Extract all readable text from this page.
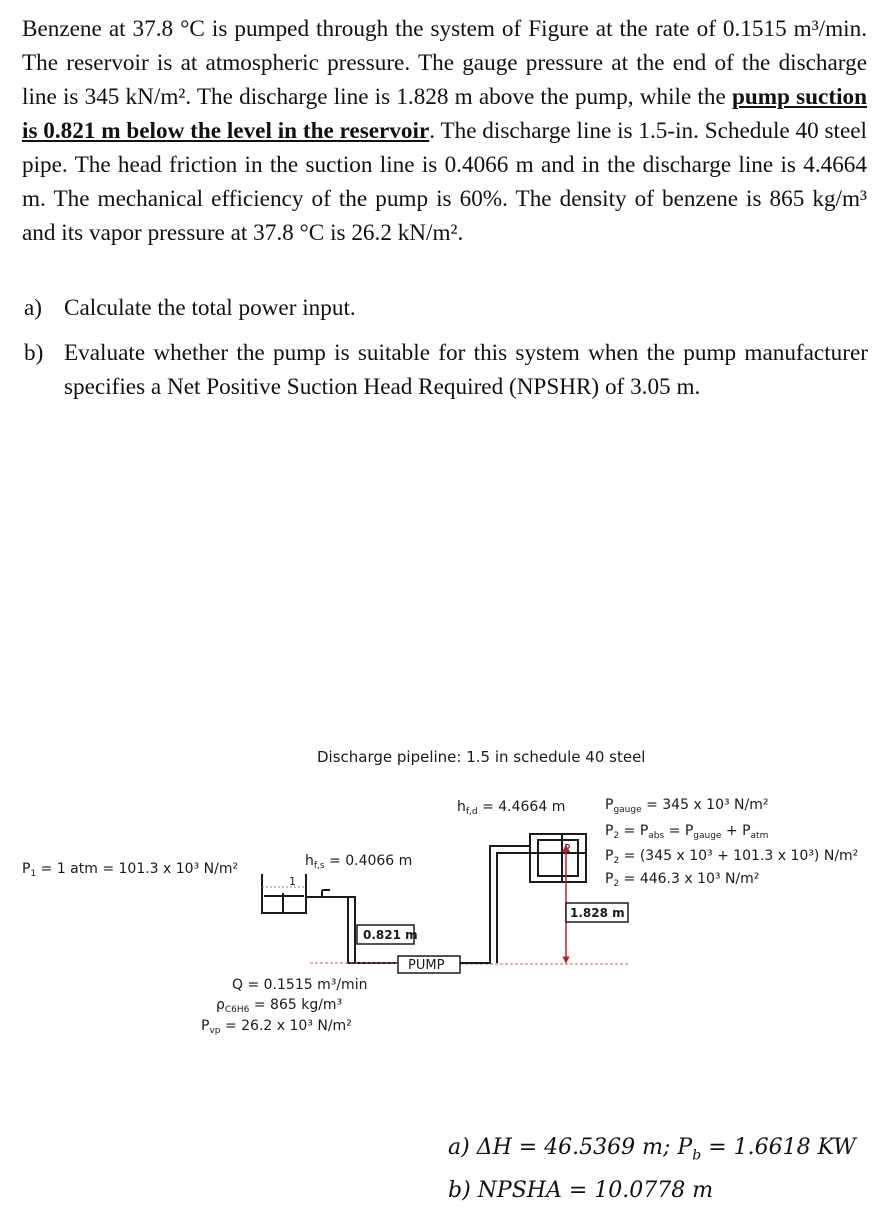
Benzene at 37.8 °C is pumped through the system of Figure at the rate of 0.1515 m³/min. The reservoir is at atmospheric pressure. The gauge pressure at the end of the discharge line is 345 kN/m². The discharge line is 1.828 m above the pump, while the pump suction is 0.821 m below the level in the reservoir. The discharge line is 1.5-in. Schedule 40 steel pipe. The head friction in the suction line is 0.4066 m and in the discharge line is 4.4664 m. The mechanical efficiency of the pump is 60%. The density of benzene is 865 kg/m³ and its vapor pressure at 37.8 °C is 26.2 kN/m².

a) Calculate the total power input.
b) Evaluate whether the pump is suitable for this system when the pump manufacturer specifies a Net Positive Suction Head Required (NPSHR) of 3.05 m.
Discharge pipeline: 1.5 in schedule 40 steel
1
0.821 m
PUMP
2
1.828 m
$h_{f,d} = 4.4664$ m	$P_{gauge} = 345$ x 10³ N/m²
$P_2 = P_{abs} = P_{gauge} + P_{atm}$
$P_2 = (345$ x 10³ + 101.3 x 10³) N/m²
$P_2 = 446.3$ x 10³ N/m²
$h_{f,s} = 0.4066$ m
$P_1 = 1$ atm = 101.3 x 10³ N/m²
Q = 0.1515 m³/min
$\rho_{C6H6} = 865$ kg/m³
$P_{vp} = 26.2$ x 10³ N/m²
a) ΔH = 46.5369 m; $P_b = 1.6618$ KW
b) NPSHA = 10.0778 m
